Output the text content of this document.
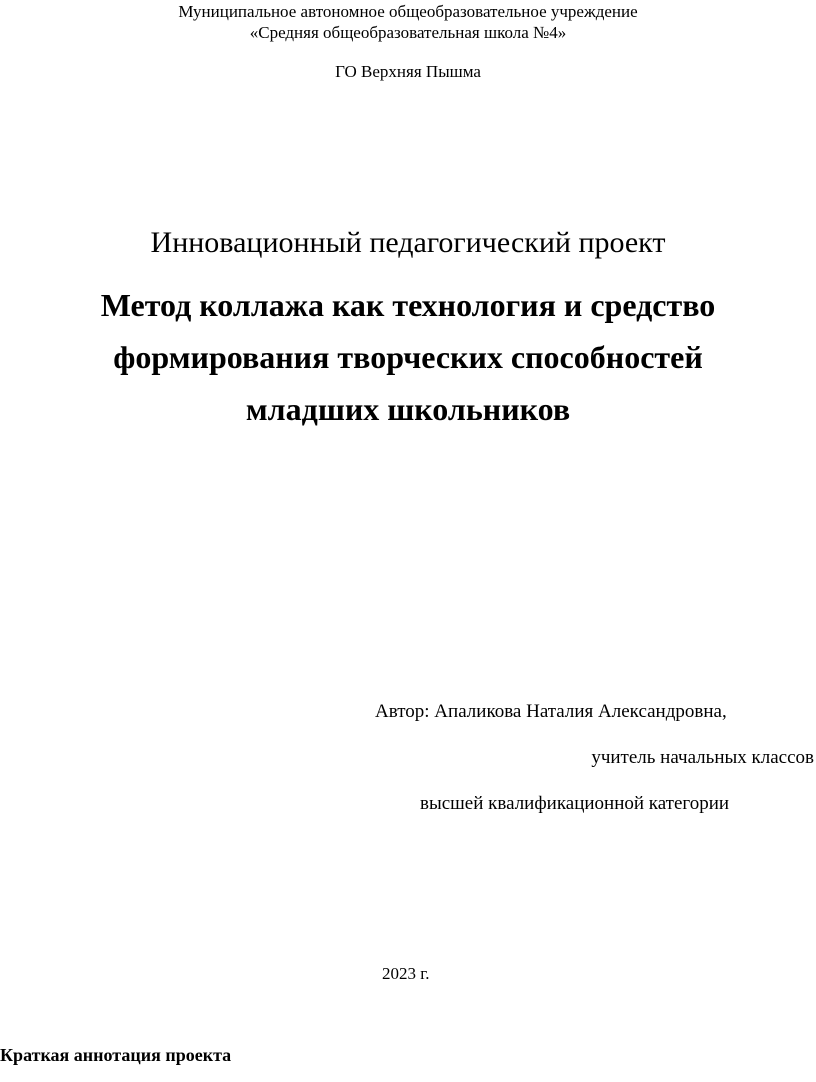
Муниципальное автономное общеобразовательное учреждение
«Средняя общеобразовательная школа №4»
ГО Верхняя Пышма
Инновационный педагогический проект
Метод коллажа как технология и средство
формирования творческих способностей
младших школьников
Автор: Апаликова Наталия Александровна,
учитель начальных классов
высшей квалификационной категории
2023 г.
Краткая аннотация проекта
